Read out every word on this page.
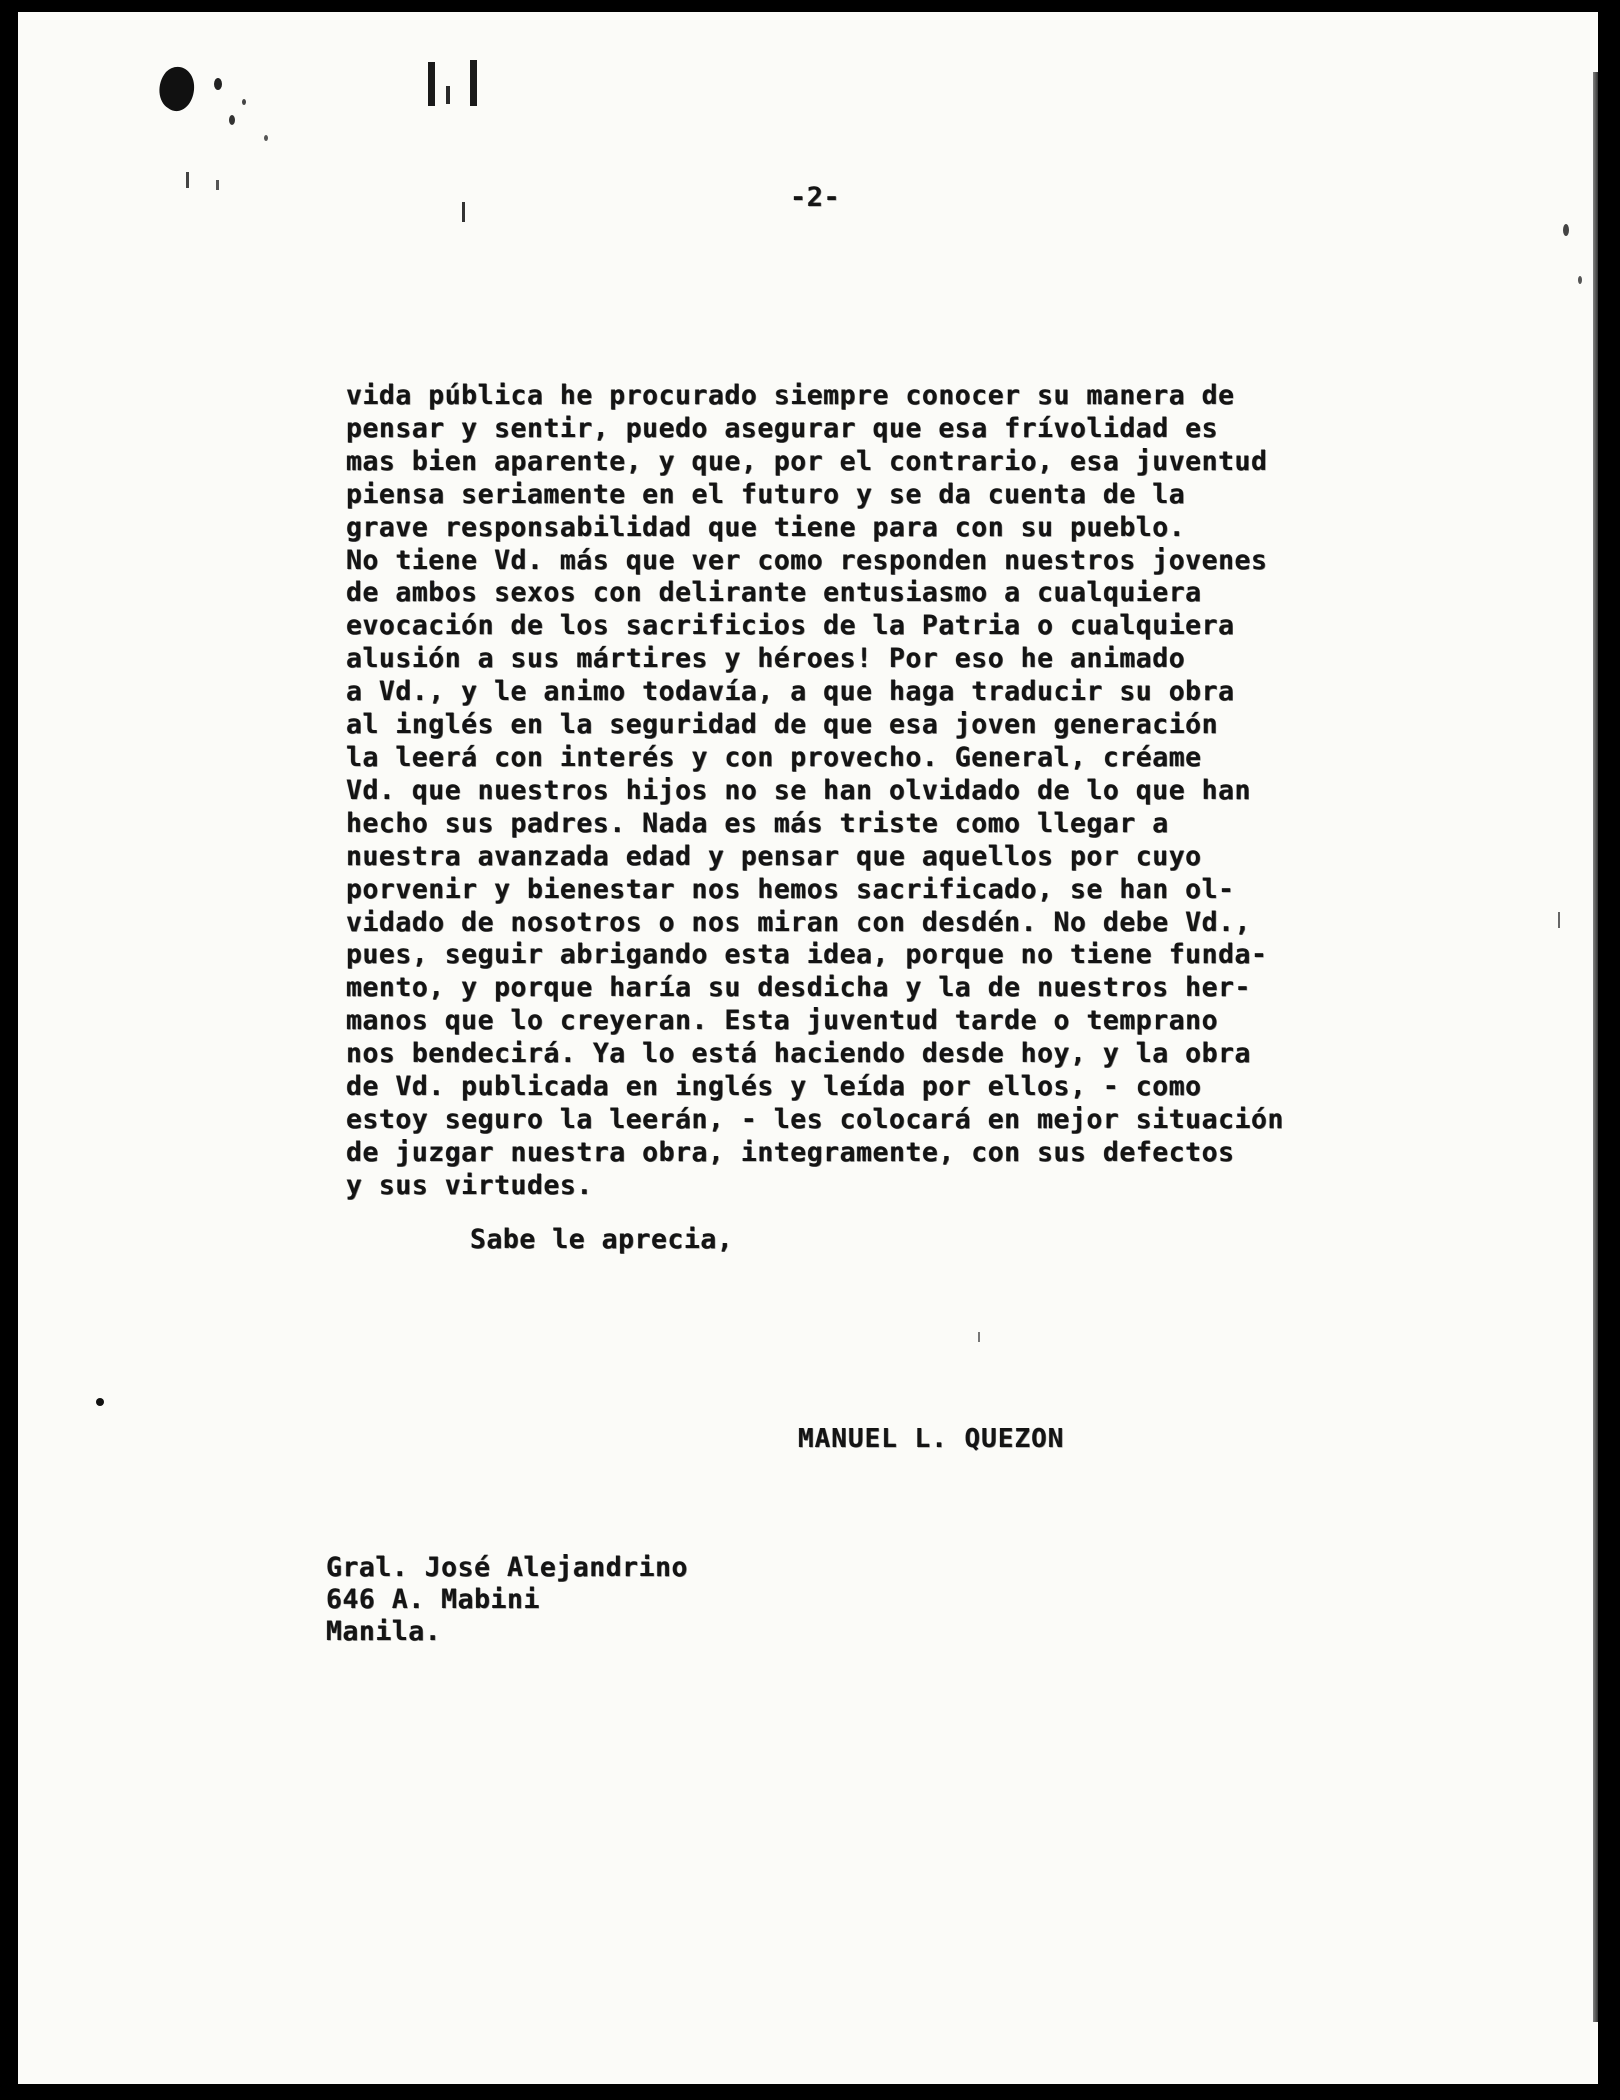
-2-
vida pública he procurado siempre conocer su manera de
pensar y sentir, puedo asegurar que esa frívolidad es
mas bien aparente, y que, por el contrario, esa juventud
piensa seriamente en el futuro y se da cuenta de la
grave responsabilidad que tiene para con su pueblo.
No tiene Vd. más que ver como responden nuestros jovenes
de ambos sexos con delirante entusiasmo a cualquiera
evocación de los sacrificios de la Patria o cualquiera
alusión a sus mártires y héroes! Por eso he animado
a Vd., y le animo todavía, a que haga traducir su obra
al inglés en la seguridad de que esa joven generación
la leerá con interés y con provecho. General, créame
Vd. que nuestros hijos no se han olvidado de lo que han
hecho sus padres. Nada es más triste como llegar a
nuestra avanzada edad y pensar que aquellos por cuyo
porvenir y bienestar nos hemos sacrificado, se han ol-
vidado de nosotros o nos miran con desdén. No debe Vd.,
pues, seguir abrigando esta idea, porque no tiene funda-
mento, y porque haría su desdicha y la de nuestros her-
manos que lo creyeran. Esta juventud tarde o temprano
nos bendecirá. Ya lo está haciendo desde hoy, y la obra
de Vd. publicada en inglés y leída por ellos, - como
estoy seguro la leerán, - les colocará en mejor situación
de juzgar nuestra obra, integramente, con sus defectos
y sus virtudes.
Sabe le aprecia,
MANUEL L. QUEZON
Gral. José Alejandrino
646 A. Mabini
Manila.
